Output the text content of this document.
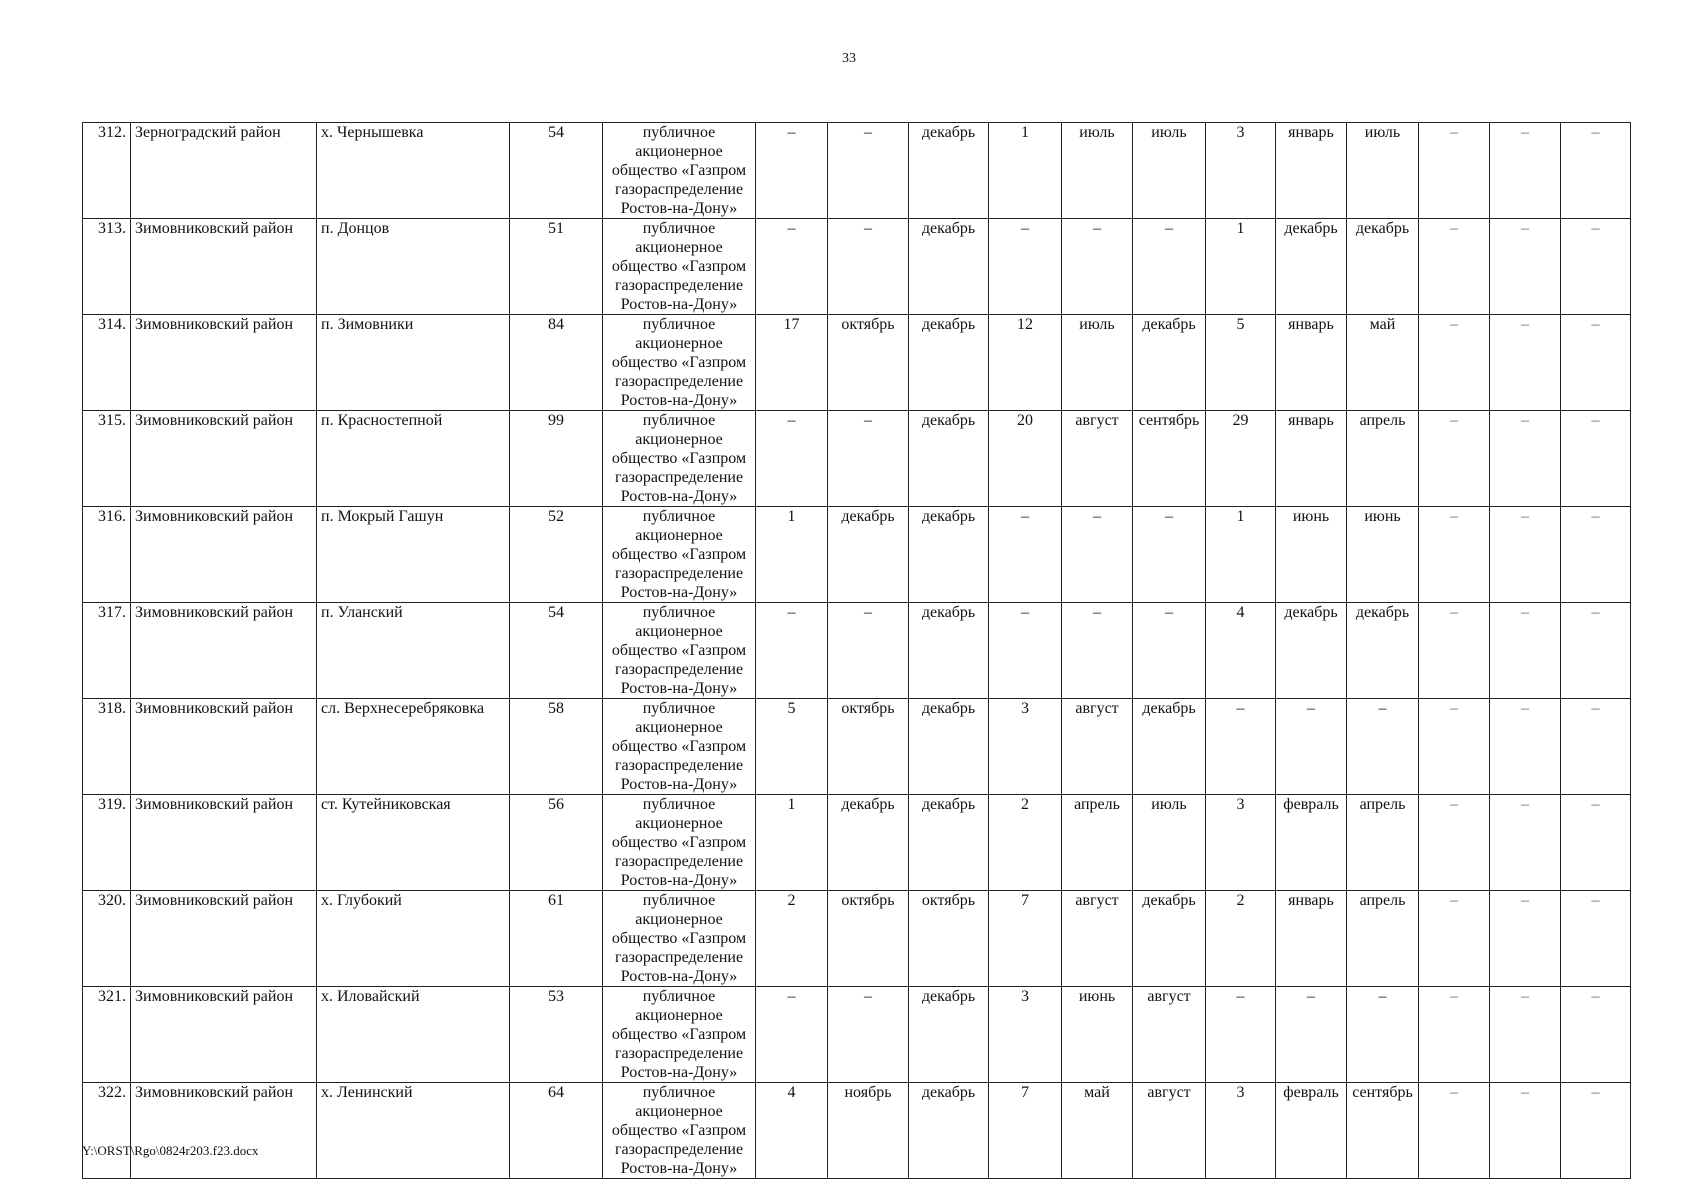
33
312.	Зерноградский район	х. Чернышевка	54	публичное акционерное общество «Газпром газораспределение Ростов-на-Дону»	–	–	декабрь	1	июль	июль	3	январь	июль	–	–	–
313.	Зимовниковский район	п. Донцов	51	публичное акционерное общество «Газпром газораспределение Ростов-на-Дону»	–	–	декабрь	–	–	–	1	декабрь	декабрь	–	–	–
314.	Зимовниковский район	п. Зимовники	84	публичное акционерное общество «Газпром газораспределение Ростов-на-Дону»	17	октябрь	декабрь	12	июль	декабрь	5	январь	май	–	–	–
315.	Зимовниковский район	п. Красностепной	99	публичное акционерное общество «Газпром газораспределение Ростов-на-Дону»	–	–	декабрь	20	август	сентябрь	29	январь	апрель	–	–	–
316.	Зимовниковский район	п. Мокрый Гашун	52	публичное акционерное общество «Газпром газораспределение Ростов-на-Дону»	1	декабрь	декабрь	–	–	–	1	июнь	июнь	–	–	–
317.	Зимовниковский район	п. Уланский	54	публичное акционерное общество «Газпром газораспределение Ростов-на-Дону»	–	–	декабрь	–	–	–	4	декабрь	декабрь	–	–	–
318.	Зимовниковский район	сл. Верхнесеребряковка	58	публичное акционерное общество «Газпром газораспределение Ростов-на-Дону»	5	октябрь	декабрь	3	август	декабрь	–	–	–	–	–	–
319.	Зимовниковский район	ст. Кутейниковская	56	публичное акционерное общество «Газпром газораспределение Ростов-на-Дону»	1	декабрь	декабрь	2	апрель	июль	3	февраль	апрель	–	–	–
320.	Зимовниковский район	х. Глубокий	61	публичное акционерное общество «Газпром газораспределение Ростов-на-Дону»	2	октябрь	октябрь	7	август	декабрь	2	январь	апрель	–	–	–
321.	Зимовниковский район	х. Иловайский	53	публичное акционерное общество «Газпром газораспределение Ростов-на-Дону»	–	–	декабрь	3	июнь	август	–	–	–	–	–	–
322.	Зимовниковский район	х. Ленинский	64	публичное акционерное общество «Газпром газораспределение Ростов-на-Дону»	4	ноябрь	декабрь	7	май	август	3	февраль	сентябрь	–	–	–
Y:\ORST\Rgo\0824r203.f23.docx
